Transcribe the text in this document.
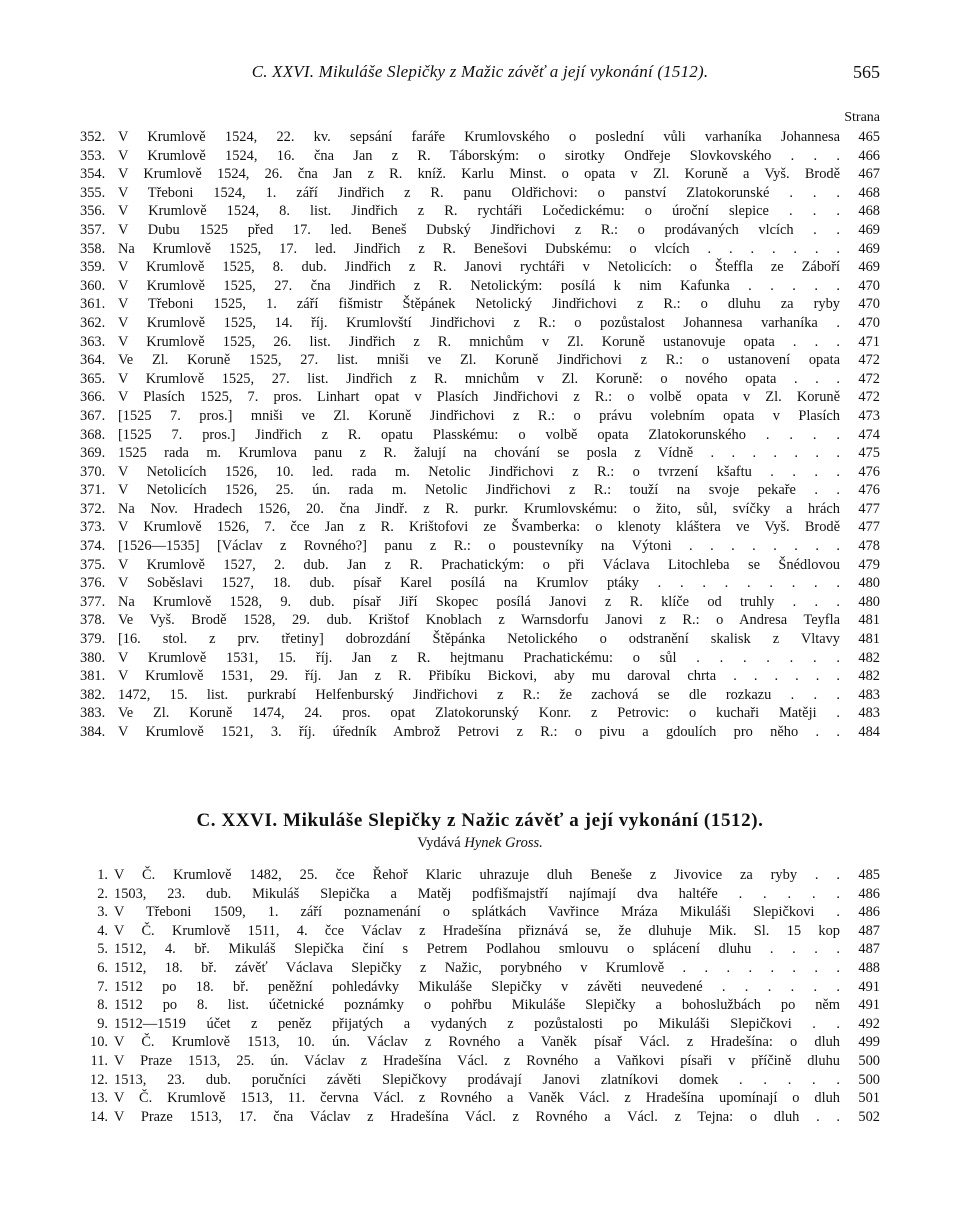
C. XXVI. Mikuláše Slepičky z Mažic závěť a její vykonání (1512).	565
Strana
352. V Krumlově 1524, 22. kv. sepsání faráře Krumlovského o poslední vůli varhaníka Johannesa	465
353. V Krumlově 1524, 16. čna Jan z R. Táborským: o sirotky Ondřeje Slovkovského . . .	466
354. V Krumlově 1524, 26. čna Jan z R. kníž. Karlu Minst. o opata v Zl. Koruně a Vyš. Brodě	467
355. V Třeboni 1524, 1. září Jindřich z R. panu Oldřichovi: o panství Zlatokorunské . . .	468
356. V Krumlově 1524, 8. list. Jindřich z R. rychtáři Ločedickému: o úroční slepice . . .	468
357. V Dubu 1525 před 17. led. Beneš Dubský Jindřichovi z R.: o prodávaných vlcích . .	469
358. Na Krumlově 1525, 17. led. Jindřich z R. Benešovi Dubskému: o vlcích . . . . . . .	469
359. V Krumlově 1525, 8. dub. Jindřich z R. Janovi rychtáři v Netolicích: o Šteffla ze Záboří	469
360. V Krumlově 1525, 27. čna Jindřich z R. Netolickým: posílá k nim Kafunka . . . . .	470
361. V Třeboni 1525, 1. září fišmistr Štěpánek Netolický Jindřichovi z R.: o dluhu za ryby	470
362. V Krumlově 1525, 14. říj. Krumlovští Jindřichovi z R.: o pozůstalost Johannesa varhaníka .	470
363. V Krumlově 1525, 26. list. Jindřich z R. mnichům v Zl. Koruně ustanovuje opata . . .	471
364. Ve Zl. Koruně 1525, 27. list. mniši ve Zl. Koruně Jindřichovi z R.: o ustanovení opata	472
365. V Krumlově 1525, 27. list. Jindřich z R. mnichům v Zl. Koruně: o nového opata . . .	472
366. V Plasích 1525, 7. pros. Linhart opat v Plasích Jindřichovi z R.: o volbě opata v Zl. Koruně	472
367. [1525 7. pros.] mniši ve Zl. Koruně Jindřichovi z R.: o právu volebním opata v Plasích	473
368. [1525 7. pros.] Jindřich z R. opatu Plasskému: o volbě opata Zlatokorunského . . . .	474
369. 1525 rada m. Krumlova panu z R. žalují na chování se posla z Vídně . . . . . . .	475
370. V Netolicích 1526, 10. led. rada m. Netolic Jindřichovi z R.: o tvrzení kšaftu . . . .	476
371. V Netolicích 1526, 25. ún. rada m. Netolic Jindřichovi z R.: touží na svoje pekaře . .	476
372. Na Nov. Hradech 1526, 20. čna Jindř. z R. purkr. Krumlovskému: o žito, sůl, svíčky a hrách	477
373. V Krumlově 1526, 7. čce Jan z R. Krištofovi ze Švamberka: o klenoty kláštera ve Vyš. Brodě	477
374. [1526—1535] [Václav z Rovného?] panu z R.: o poustevníky na Výtoni . . . . . . . .	478
375. V Krumlově 1527, 2. dub. Jan z R. Prachatickým: o při Václava Litochleba se Šnédlovou	479
376. V Soběslavi 1527, 18. dub. písař Karel posílá na Krumlov ptáky . . . . . . . . .	480
377. Na Krumlově 1528, 9. dub. písař Jiří Skopec posílá Janovi z R. klíče od truhly . . .	480
378. Ve Vyš. Brodě 1528, 29. dub. Krištof Knoblach z Warnsdorfu Janovi z R.: o Andresa Teyfla	481
379. [16. stol. z prv. třetiny] dobrozdání Štěpánka Netolického o odstranění skalisk z Vltavy	481
380. V Krumlově 1531, 15. říj. Jan z R. hejtmanu Prachatickému: o sůl . . . . . . .	482
381. V Krumlově 1531, 29. říj. Jan z R. Přibíku Bickovi, aby mu daroval chrta . . . . . .	482
382. 1472, 15. list. purkrabí Helfenburský Jindřichovi z R.: že zachová se dle rozkazu . . .	483
383. Ve Zl. Koruně 1474, 24. pros. opat Zlatokorunský Konr. z Petrovic: o kuchaři Matěji .	483
384. V Krumlově 1521, 3. říj. úředník Ambrož Petrovi z R.: o pivu a gdoulích pro něho . .	484
C. XXVI. Mikuláše Slepičky z Nažic závěť a její vykonání (1512).
Vydává Hynek Gross.
1. V Č. Krumlově 1482, 25. čce Řehoř Klaric uhrazuje dluh Beneše z Jivovice za ryby . .	485
2. 1503, 23. dub. Mikuláš Slepička a Matěj podfišmajstří najímají dva haltéře . . . . .	486
3. V Třeboni 1509, 1. září poznamenání o splátkách Vavřince Mráza Mikuláši Slepičkovi .	486
4. V Č. Krumlově 1511, 4. čce Václav z Hradešína přiznává se, že dluhuje Mik. Sl. 15 kop	487
5. 1512, 4. bř. Mikuláš Slepička činí s Petrem Podlahou smlouvu o splácení dluhu . . . .	487
6. 1512, 18. bř. závěť Václava Slepičky z Nažic, porybného v Krumlově . . . . . . . .	488
7. 1512 po 18. bř. peněžní pohledávky Mikuláše Slepičky v závěti neuvedené . . . . . .	491
8. 1512 po 8. list. účetnické poznámky o pohřbu Mikuláše Slepičky a bohoslužbách po něm	491
9. 1512—1519 účet z peněz přijatých a vydaných z pozůstalosti po Mikuláši Slepičkovi . .	492
10. V Č. Krumlově 1513, 10. ún. Václav z Rovného a Vaněk písař Václ. z Hradešína: o dluh	499
11. V Praze 1513, 25. ún. Václav z Hradešína Václ. z Rovného a Vaňkovi písaři v příčině dluhu	500
12. 1513, 23. dub. poručníci závěti Slepičkovy prodávají Janovi zlatníkovi domek . . . . .	500
13. V Č. Krumlově 1513, 11. června Václ. z Rovného a Vaněk Václ. z Hradešína upomínají o dluh	501
14. V Praze 1513, 17. čna Václav z Hradešína Václ. z Rovného a Václ. z Tejna: o dluh . .	502
